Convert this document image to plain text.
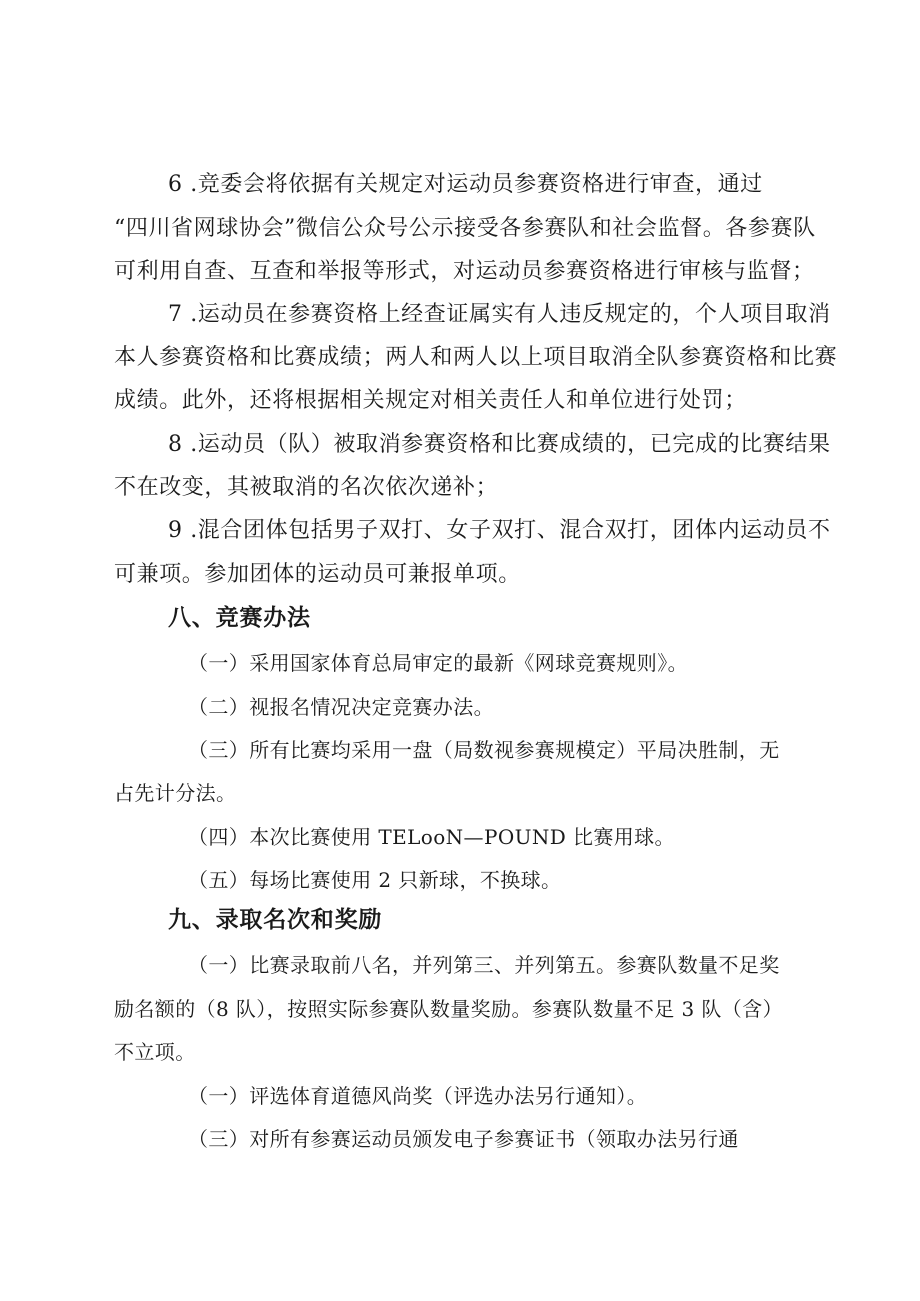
6 .竞委会将依据有关规定对运动员参赛资格进行审查，通过
“四川省网球协会”微信公众号公示接受各参赛队和社会监督。各参赛队
可利用自查、互查和举报等形式，对运动员参赛资格进行审核与监督；
7 .运动员在参赛资格上经查证属实有人违反规定的，个人项目取消
本人参赛资格和比赛成绩；两人和两人以上项目取消全队参赛资格和比赛
成绩。此外，还将根据相关规定对相关责任人和单位进行处罚；
8 .运动员（队）被取消参赛资格和比赛成绩的，已完成的比赛结果
不在改变，其被取消的名次依次递补；
9 .混合团体包括男子双打、女子双打、混合双打，团体内运动员不
可兼项。参加团体的运动员可兼报单项。
八、竞赛办法
（一）采用国家体育总局审定的最新《网球竞赛规则》。
（二）视报名情况决定竞赛办法。
（三）所有比赛均采用一盘（局数视参赛规模定）平局决胜制，无
占先计分法。
（四）本次比赛使用 TELooN—POUND 比赛用球。
（五）每场比赛使用 2 只新球，不换球。
九、录取名次和奖励
（一）比赛录取前八名，并列第三、并列第五。参赛队数量不足奖
励名额的（8 队），按照实际参赛队数量奖励。参赛队数量不足 3 队（含）
不立项。
（一）评选体育道德风尚奖（评选办法另行通知）。
（三）对所有参赛运动员颁发电子参赛证书（领取办法另行通
